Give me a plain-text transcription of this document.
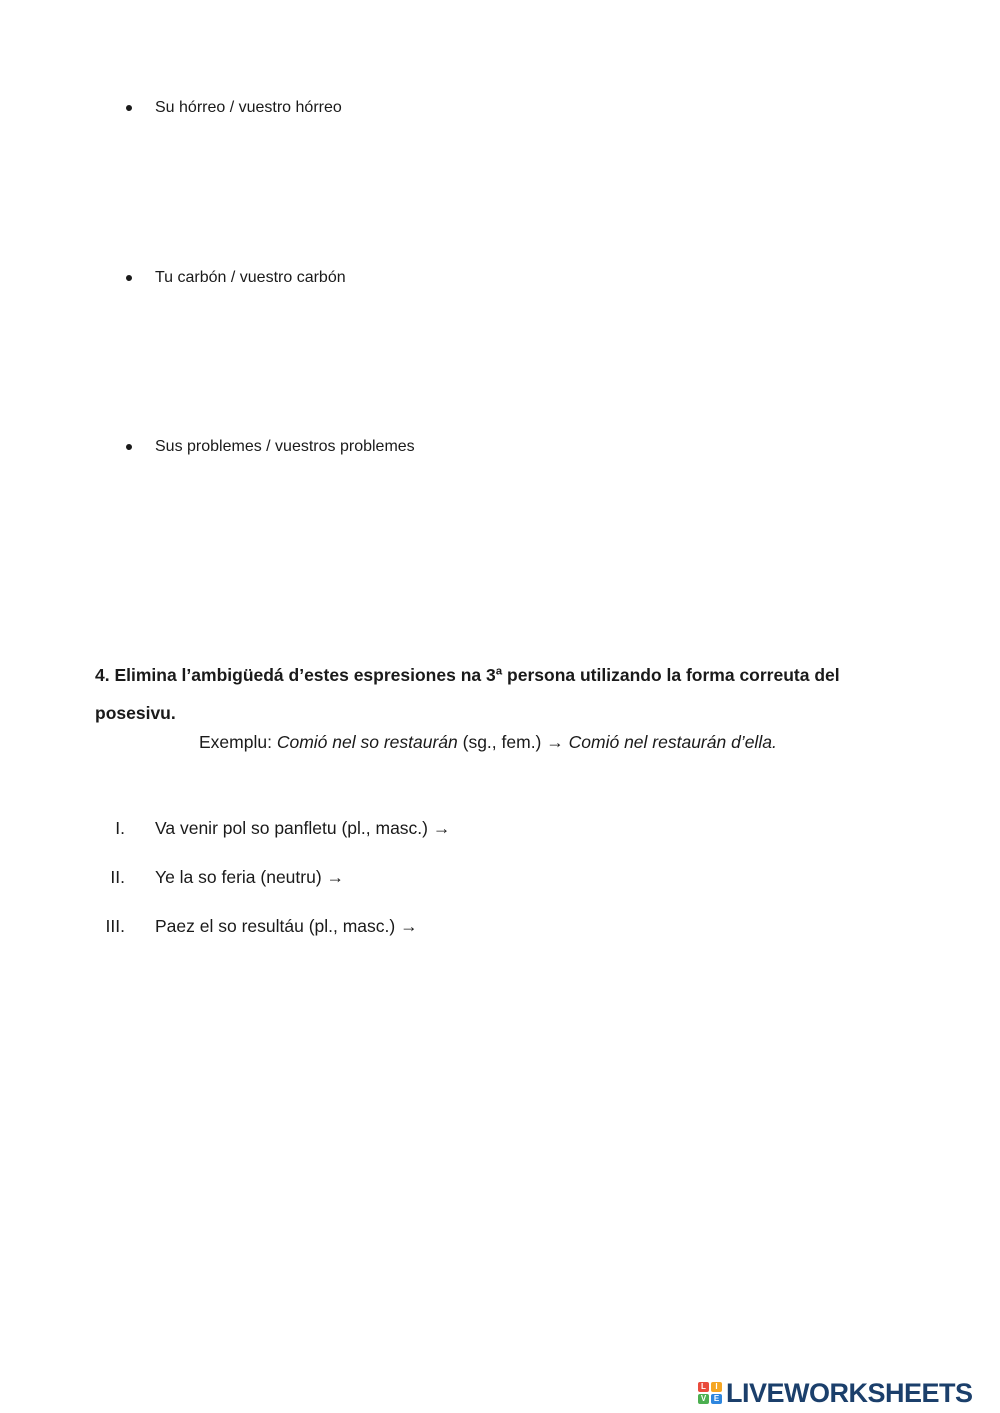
Su hórreo / vuestro hórreo
Tu carbón / vuestro carbón
Sus problemes / vuestros problemes
4. Elimina l’ambigüedá d’estes espresiones na 3ª persona utilizando la forma correuta del posesivu.
Exemplu: Comió nel so restaurán (sg., fem.) → Comió nel restaurán d’ella.
I. Va venir pol so panfletu (pl., masc.) →
II. Ye la so feria (neutru) →
III. Paez el so resultáu (pl., masc.) →
L	I
V E LIVEWORKSHEETS
